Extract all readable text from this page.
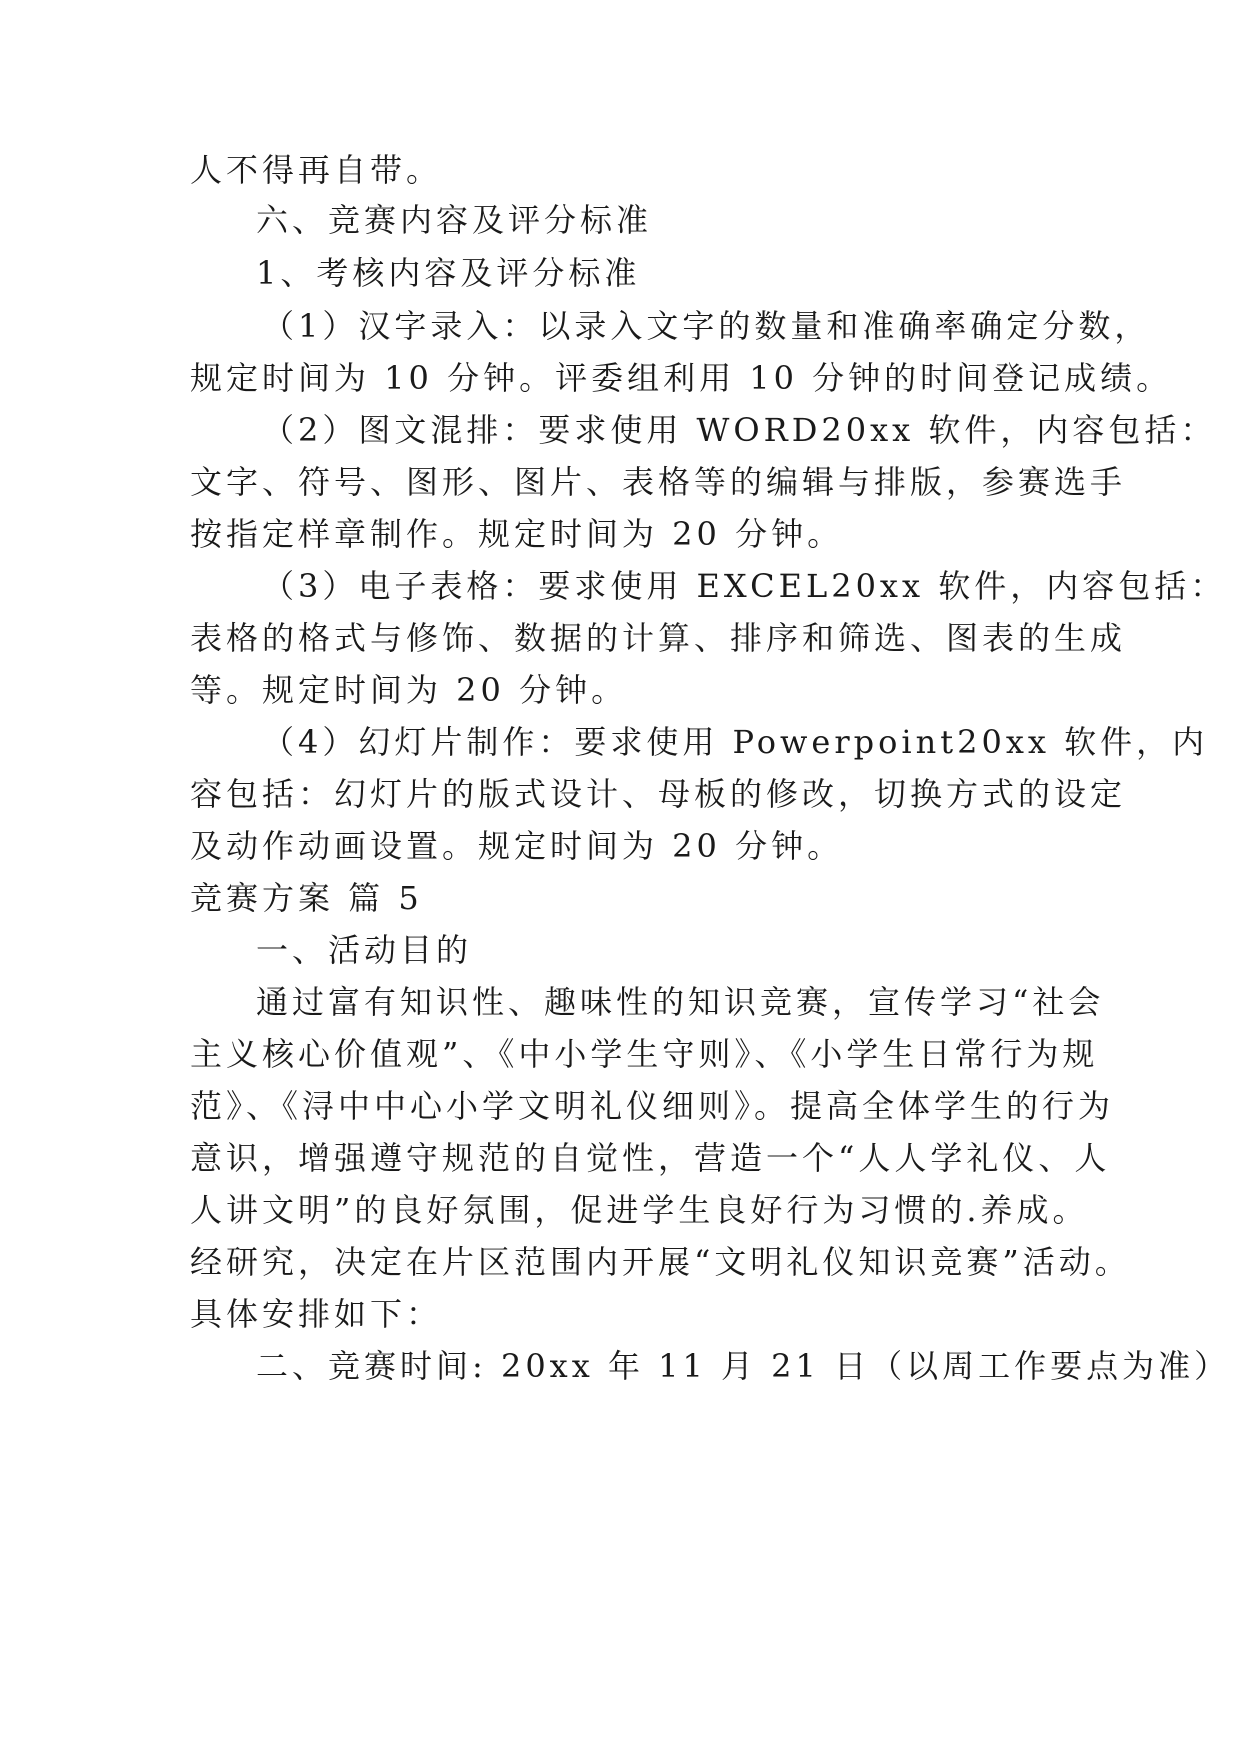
人不得再自带。
六、竞赛内容及评分标准
1、考核内容及评分标准
（1）汉字录入：以录入文字的数量和准确率确定分数，
规定时间为 10 分钟。评委组利用 10 分钟的时间登记成绩。
（2）图文混排：要求使用 WORD20xx 软件，内容包括：
文字、符号、图形、图片、表格等的编辑与排版，参赛选手
按指定样章制作。规定时间为 20 分钟。
（3）电子表格：要求使用 EXCEL20xx 软件，内容包括：
表格的格式与修饰、数据的计算、排序和筛选、图表的生成
等。规定时间为 20 分钟。
（4）幻灯片制作：要求使用 Powerpoint20xx 软件，内
容包括：幻灯片的版式设计、母板的修改，切换方式的设定
及动作动画设置。规定时间为 20 分钟。
竞赛方案 篇 5
一、活动目的
通过富有知识性、趣味性的知识竞赛，宣传学习“社会
主义核心价值观”、《中小学生守则》、《小学生日常行为规
范》、《浔中中心小学文明礼仪细则》。提高全体学生的行为
意识，增强遵守规范的自觉性，营造一个“人人学礼仪、人
人讲文明”的良好氛围，促进学生良好行为习惯的.养成。
经研究，决定在片区范围内开展“文明礼仪知识竞赛”活动。
具体安排如下：
二、竞赛时间: 20xx 年 11 月 21 日（以周工作要点为准）
